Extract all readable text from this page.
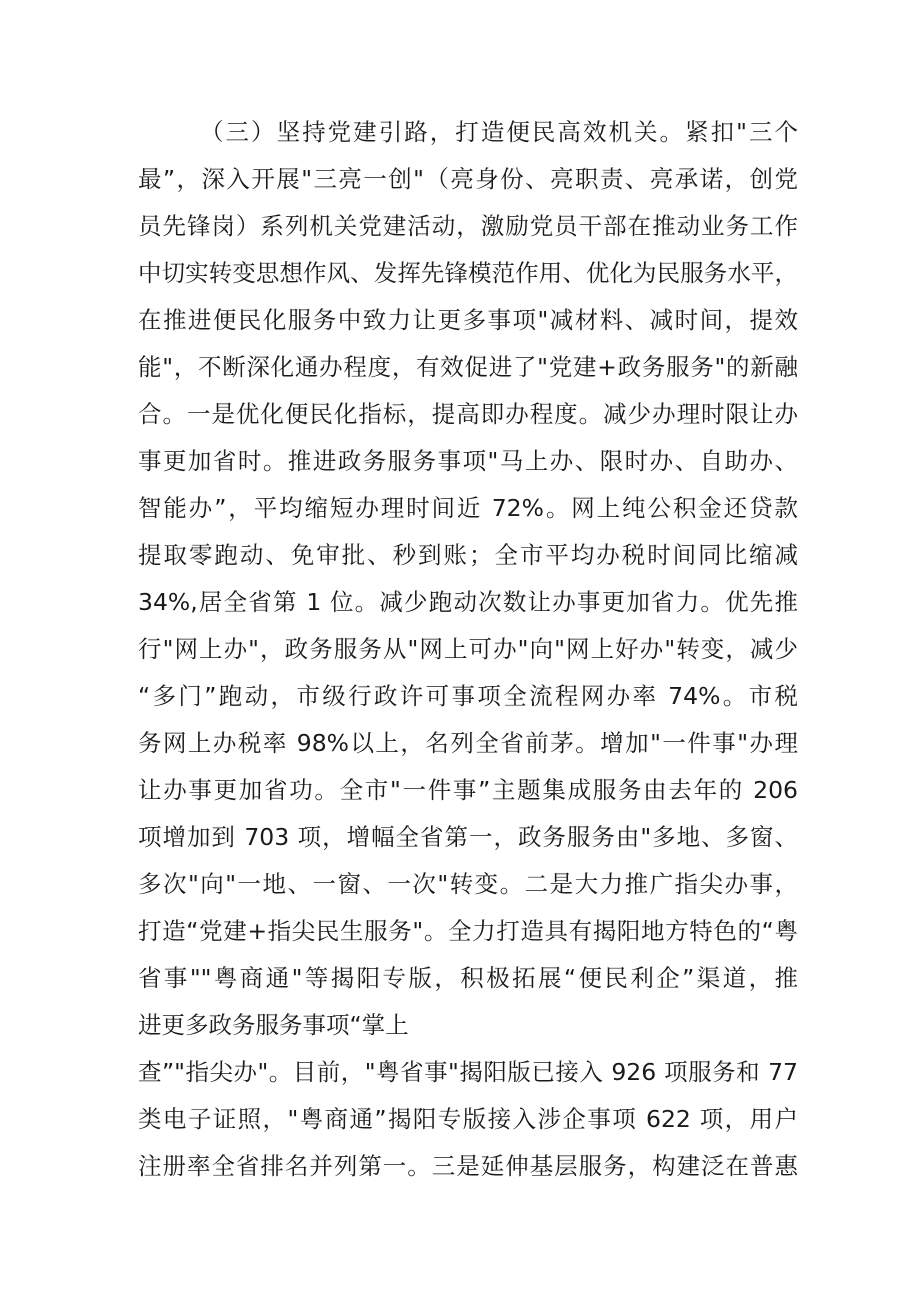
（三）坚持党建引路，打造便民高效机关。紧扣"三个
最”，深入开展"三亮一创"（亮身份、亮职责、亮承诺，创党
员先锋岗）系列机关党建活动，激励党员干部在推动业务工作
中切实转变思想作风、发挥先锋模范作用、优化为民服务水平，
在推进便民化服务中致力让更多事项"减材料、减时间，提效
能"，不断深化通办程度，有效促进了"党建+政务服务"的新融
合。一是优化便民化指标，提高即办程度。减少办理时限让办
事更加省时。推进政务服务事项"马上办、限时办、自助办、
智能办”，平均缩短办理时间近 72%。网上纯公积金还贷款
提取零跑动、免审批、秒到账；全市平均办税时间同比缩减
34%,居全省第 1 位。减少跑动次数让办事更加省力。优先推
行"网上办"，政务服务从"网上可办"向"网上好办"转变，减少
“多门”跑动，市级行政许可事项全流程网办率 74%。市税
务网上办税率 98%以上，名列全省前茅。增加"一件事"办理
让办事更加省功。全市"一件事”主题集成服务由去年的 206
项增加到 703 项，增幅全省第一，政务服务由"多地、多窗、
多次"向"一地、一窗、一次"转变。二是大力推广指尖办事，
打造“党建+指尖民生服务"。全力打造具有揭阳地方特色的“粤
省事""粤商通"等揭阳专版，积极拓展“便民利企”渠道，推
进更多政务服务事项“掌上
查”"指尖办"。目前，"粤省事"揭阳版已接入 926 项服务和 77
类电子证照，"粤商通”揭阳专版接入涉企事项 622 项，用户
注册率全省排名并列第一。三是延伸基层服务，构建泛在普惠
